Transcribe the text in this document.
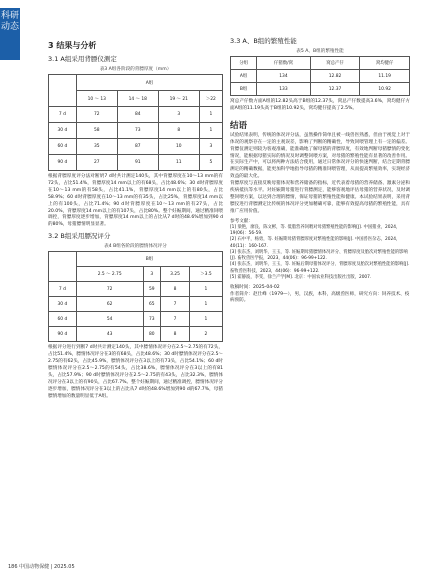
科研动态
3 结果与分析
3.1 A组采用背膘仪测定
表3 A组各阶段的背膘厚度（mm）
	A组			
	10 ～ 13	14 ～ 18	19 ～ 21	＞22
7 d	72	84	3	1
30 d	58	73	8	1
60 d	35	87	10	3
90 d	27	91	11	5

根据背膘厚度评分法对断奶7 d时共计测定140头，其中背膘厚度在10～13 mm的有72头，占比51.4%，背膘厚度14 mm以上的有68头，占比48.6%；30 d时背膘厚度在10～13 mm的有58头，占比41.1%，背膘厚度14 mm以上的有80头，占比58.9%；60 d时背膘厚度在10～13 mm的有35头，占比25%，背膘厚度14 mm以上的有100头，占比71.4%；90 d时背膘厚度在10～13 mm的有27头，占比20.0%，背膘厚度14 mm以上的有107头，占比80%。整个妊娠期间，通过精准饲喂调控，背膘厚度逐步增加，背膘厚度14 mm以上的占比从7 d时的48.6%增加到90 d的80%，母猪膘情明显显著。

3.2 B组采用膘况评分
表4 B组各阶段的膘情体况评分
	B组			
	2.5 ～ 2.75	3	3.25	＞3.5
7 d	72	59	8	1
30 d	62	65	7	1
60 d	54	73	7	1
90 d	43	80	8	2

根据评分进行到断7 d时共计测定140头，其中膘情体况评分在2.5～2.75的有72头，占比51.4%，膘情体况评分在3的有68头，占比48.6%；30 d时膘情体况评分在2.5～2.75的有62头，占比45.9%，膘情体况评分在3以上的有73头，占比54.1%；60 d时膘情体况评分在2.5～2.75的有54头，占比38.6%，膘情体况评分在3以上的有81头，占比57.9%；90 d时膘情体况评分在2.5～2.75的有43头，占比32.3%，膘情体况评分在3以上的有90头，占比67.7%。整个妊娠期间，通过精准调控，膘情体况评分逐步增加，膘情体况评分在3以上的占比从7 d时的48.6%增加到90 d的67.7%，母猪膘情增加的数量明显低于A组。

3.3 A、B组的繁殖性能
表5 A、B组的繁殖性能
分组	仔猪数/窝	窝总产仔	窝均健仔
A组	134	12.82	11.19
B组	133	12.37	10.92

窝总产仔数方面A组的12.82头高于B组的12.37头，窝总产仔数提高3.6%，窝均健仔方面A组的11.19头高于B组的10.92头，窝均健仔提高了2.5%。

结语

试验结果表明，传统的体况评分法，虽然操作简单且被一线兽医熟悉，但由于视觉上对于体况的观察存在一定的主观误差，影响了判断的精确性，导致饲喂管理上有一定的偏差。背膘仪测定则较为客观准确，能准确地了解母猪的背膘厚度，有效地判断母猪膘情的变化情况，能根据母猪实际的情况及时调整饲喂方案，对母猪的繁殖性能有显著的改善作用。在实际生产中，可以将两种方法结合使用，通过日常体况评分的快速判断，结合定期背膘测定的精确数据，能更加科学地指导母猪的精准饲喂管理，从而提高繁殖效率，实现经济效益的最大化。

背膘厚度与直接反映母猪体况和营养储备的指标，近代表着母猪的营养储备、激素分泌和疾病抵抗等水平。对妊娠期母猪进行背膘测定，能够客观地评估母猪的营养状况，及时调整饲喂方案，以达到合理的膘情，保证母猪的繁殖性能和健康。本试验结果表明，采用背膘仪进行背膘测定比传统的体况评分更加精确可靠，能够有效提高母猪的繁殖性能，具有推广应用价值。

参考文献：

[1] 梁艳，廖良，陈文彬，等. 低脂营养饲喂对母猪繁殖性能的影响[J]. 中国猪业，2024，19(06)：56-59.

[2] 石中平，杨勇，等. 妊娠期母猪背膘厚度对繁殖性能的影响[J]. 中国兽医杂志，2024，40(11)：160-167.

[3] 张东杰，刘明华，王玉，等. 妊娠期母猪膘情体况评分、背膘厚度及胎次对繁殖性能的影响[J]. 畜牧兽医学报，2023，44(06)：96-99+122.

[4] 张东杰，刘明华，王玉，等. 妊娠后期母猪体况评分、背膘厚度及胎次对繁殖性能的影响[J]. 畜牧兽医科技，2023，44(06)：96-99+122.

[5] 霍静波，李雯，徐兰产学[M]. 北京：中国农业科技出版社出版，2007.

收稿时间：2025-04-02

作者简介：赵仕峰（1979—），男，汉族，本科，高级兽医师，研究方向：饲养技术、疫病预防。

186 中国动物保健 | 2025.05
